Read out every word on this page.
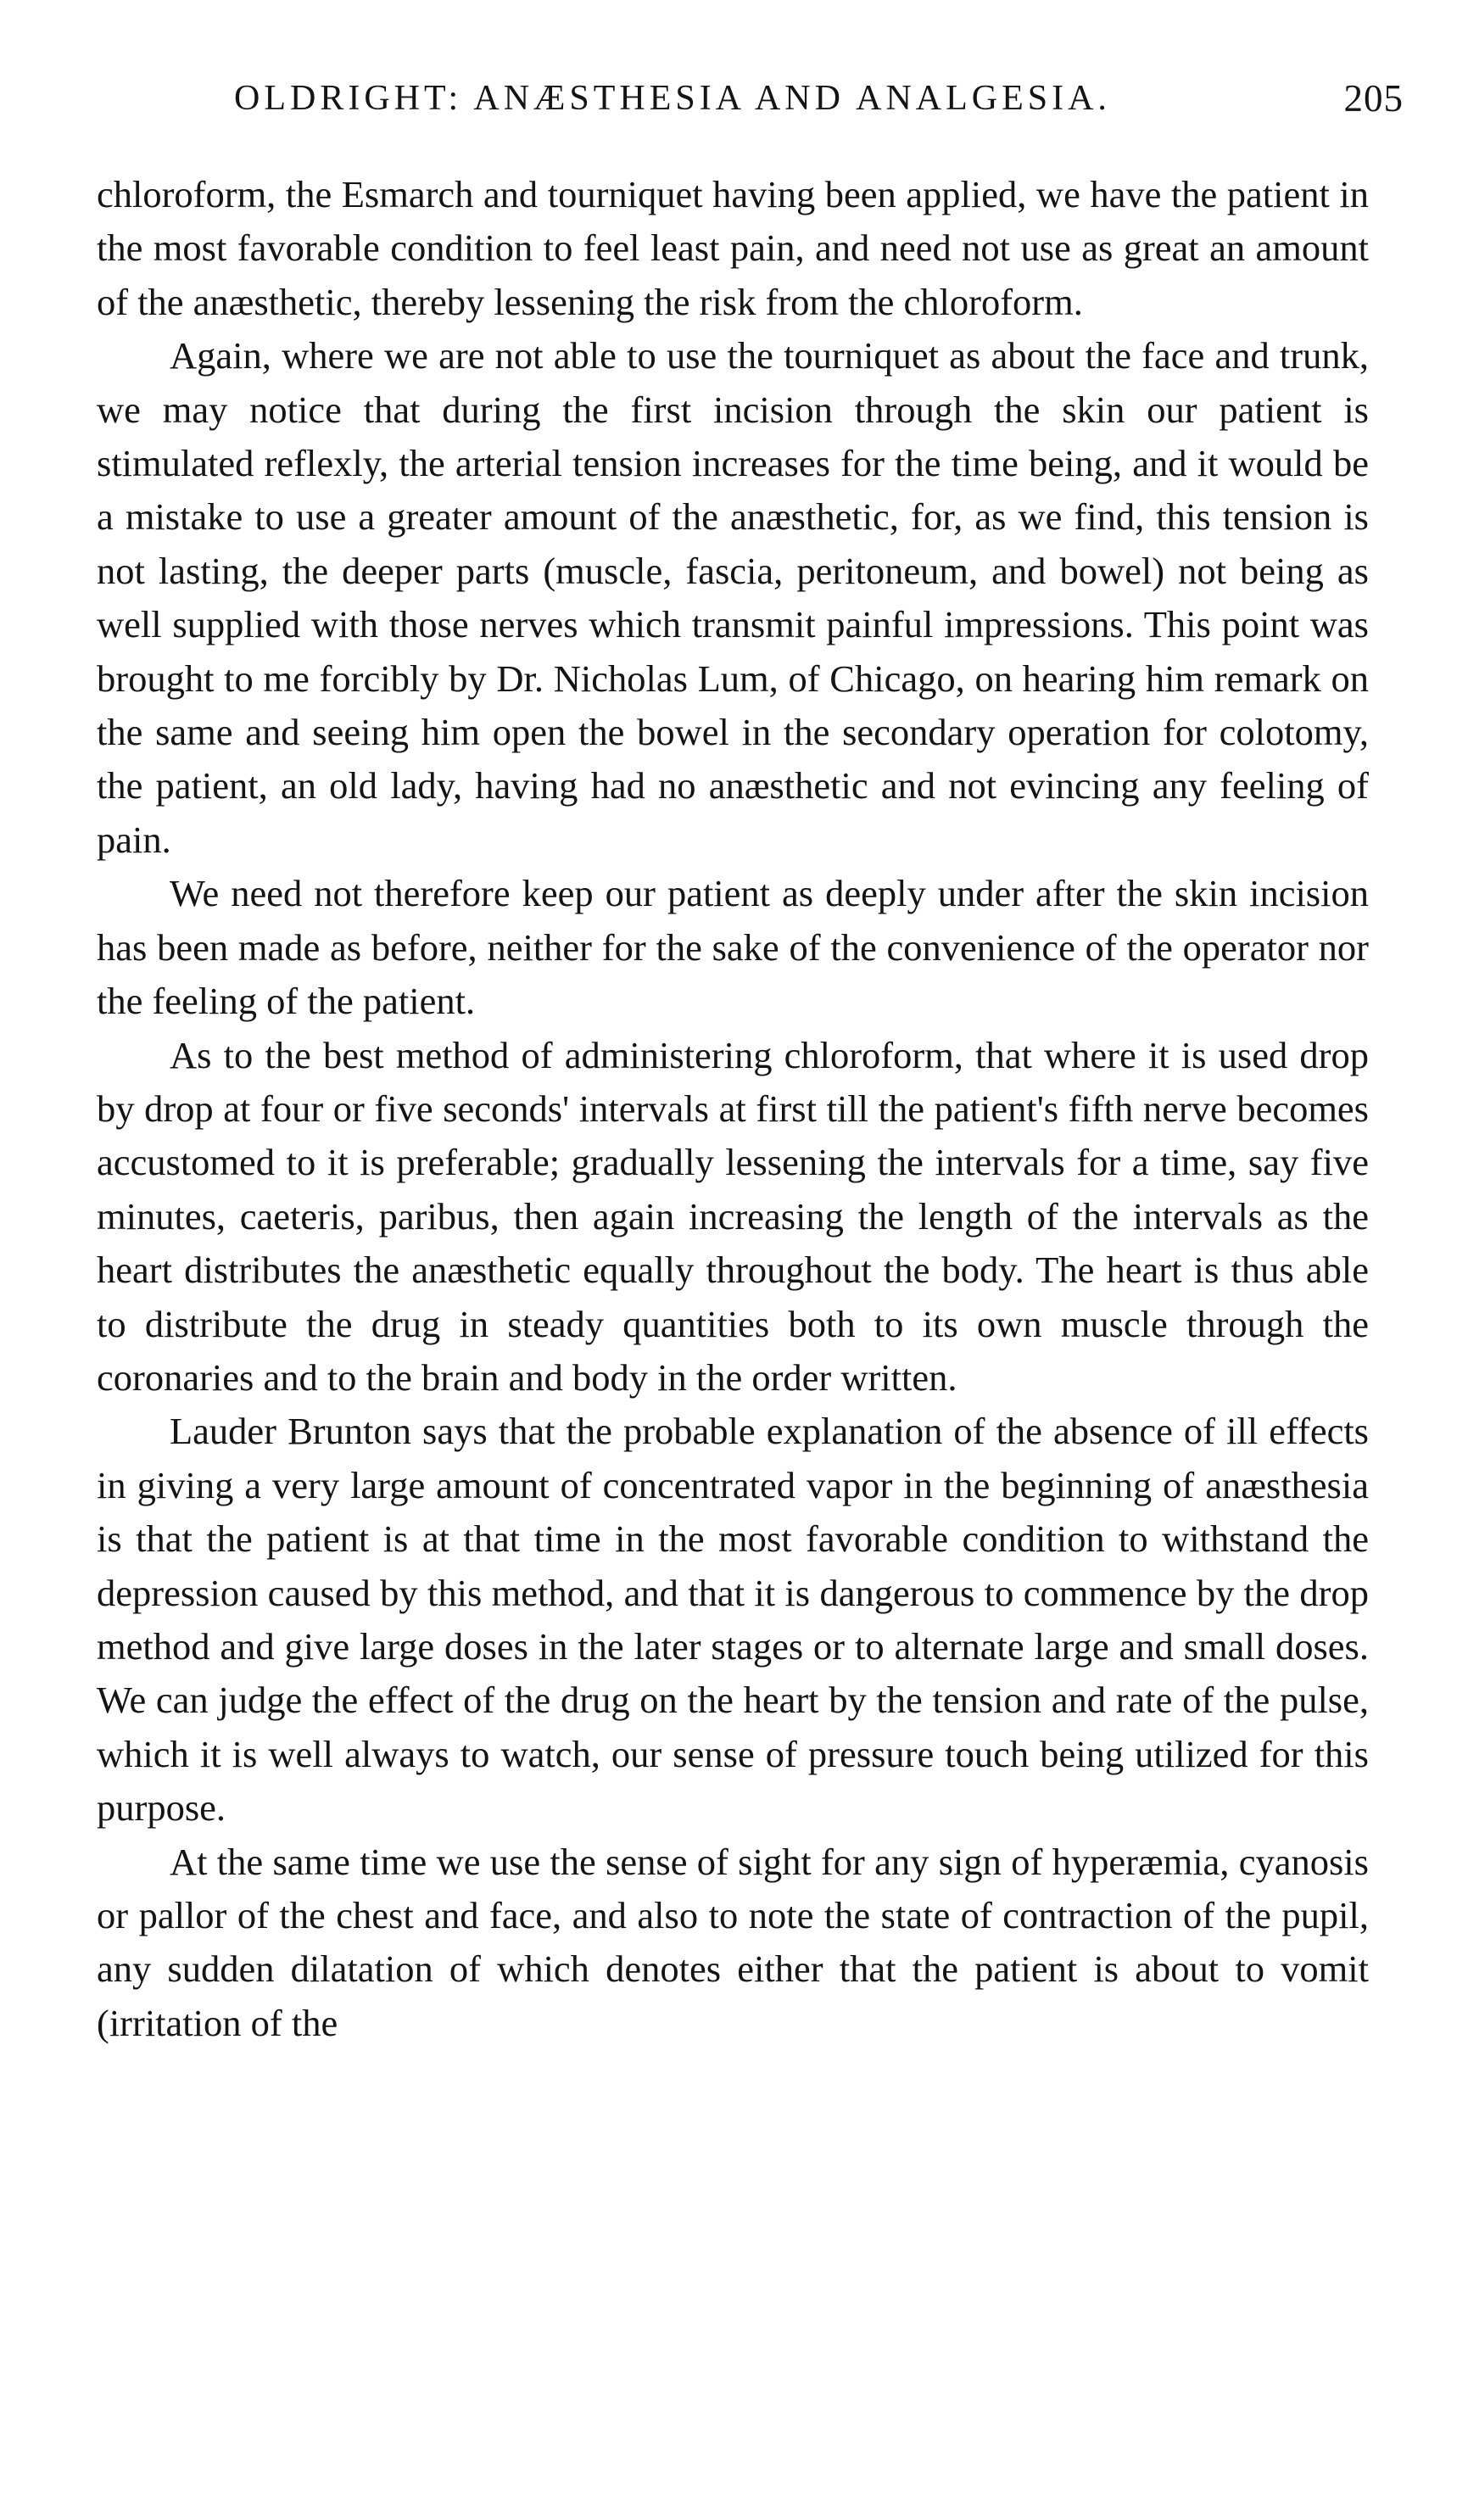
OLDRIGHT: ANÆSTHESIA AND ANALGESIA.	205

chloroform, the Esmarch and tourniquet having been applied, we have the patient in the most favorable condition to feel least pain, and need not use as great an amount of the anæsthetic, thereby lessening the risk from the chloroform.

Again, where we are not able to use the tourniquet as about the face and trunk, we may notice that during the first incision through the skin our patient is stimulated reflexly, the arterial tension increases for the time being, and it would be a mistake to use a greater amount of the anæsthetic, for, as we find, this tension is not lasting, the deeper parts (muscle, fascia, peritoneum, and bowel) not being as well supplied with those nerves which transmit painful impressions. This point was brought to me forcibly by Dr. Nicholas Lum, of Chicago, on hearing him remark on the same and seeing him open the bowel in the secondary operation for colotomy, the patient, an old lady, having had no anæsthetic and not evincing any feeling of pain.

We need not therefore keep our patient as deeply under after the skin incision has been made as before, neither for the sake of the convenience of the operator nor the feeling of the patient.

As to the best method of administering chloroform, that where it is used drop by drop at four or five seconds' intervals at first till the patient's fifth nerve becomes accustomed to it is preferable; gradually lessening the intervals for a time, say five minutes, caeteris, paribus, then again increasing the length of the intervals as the heart distributes the anæsthetic equally throughout the body. The heart is thus able to distribute the drug in steady quantities both to its own muscle through the coronaries and to the brain and body in the order written.

Lauder Brunton says that the probable explanation of the absence of ill effects in giving a very large amount of concentrated vapor in the beginning of anæsthesia is that the patient is at that time in the most favorable condition to withstand the depression caused by this method, and that it is dangerous to commence by the drop method and give large doses in the later stages or to alternate large and small doses. We can judge the effect of the drug on the heart by the tension and rate of the pulse, which it is well always to watch, our sense of pressure touch being utilized for this purpose.

At the same time we use the sense of sight for any sign of hyperæmia, cyanosis or pallor of the chest and face, and also to note the state of contraction of the pupil, any sudden dilatation of which denotes either that the patient is about to vomit (irritation of the
